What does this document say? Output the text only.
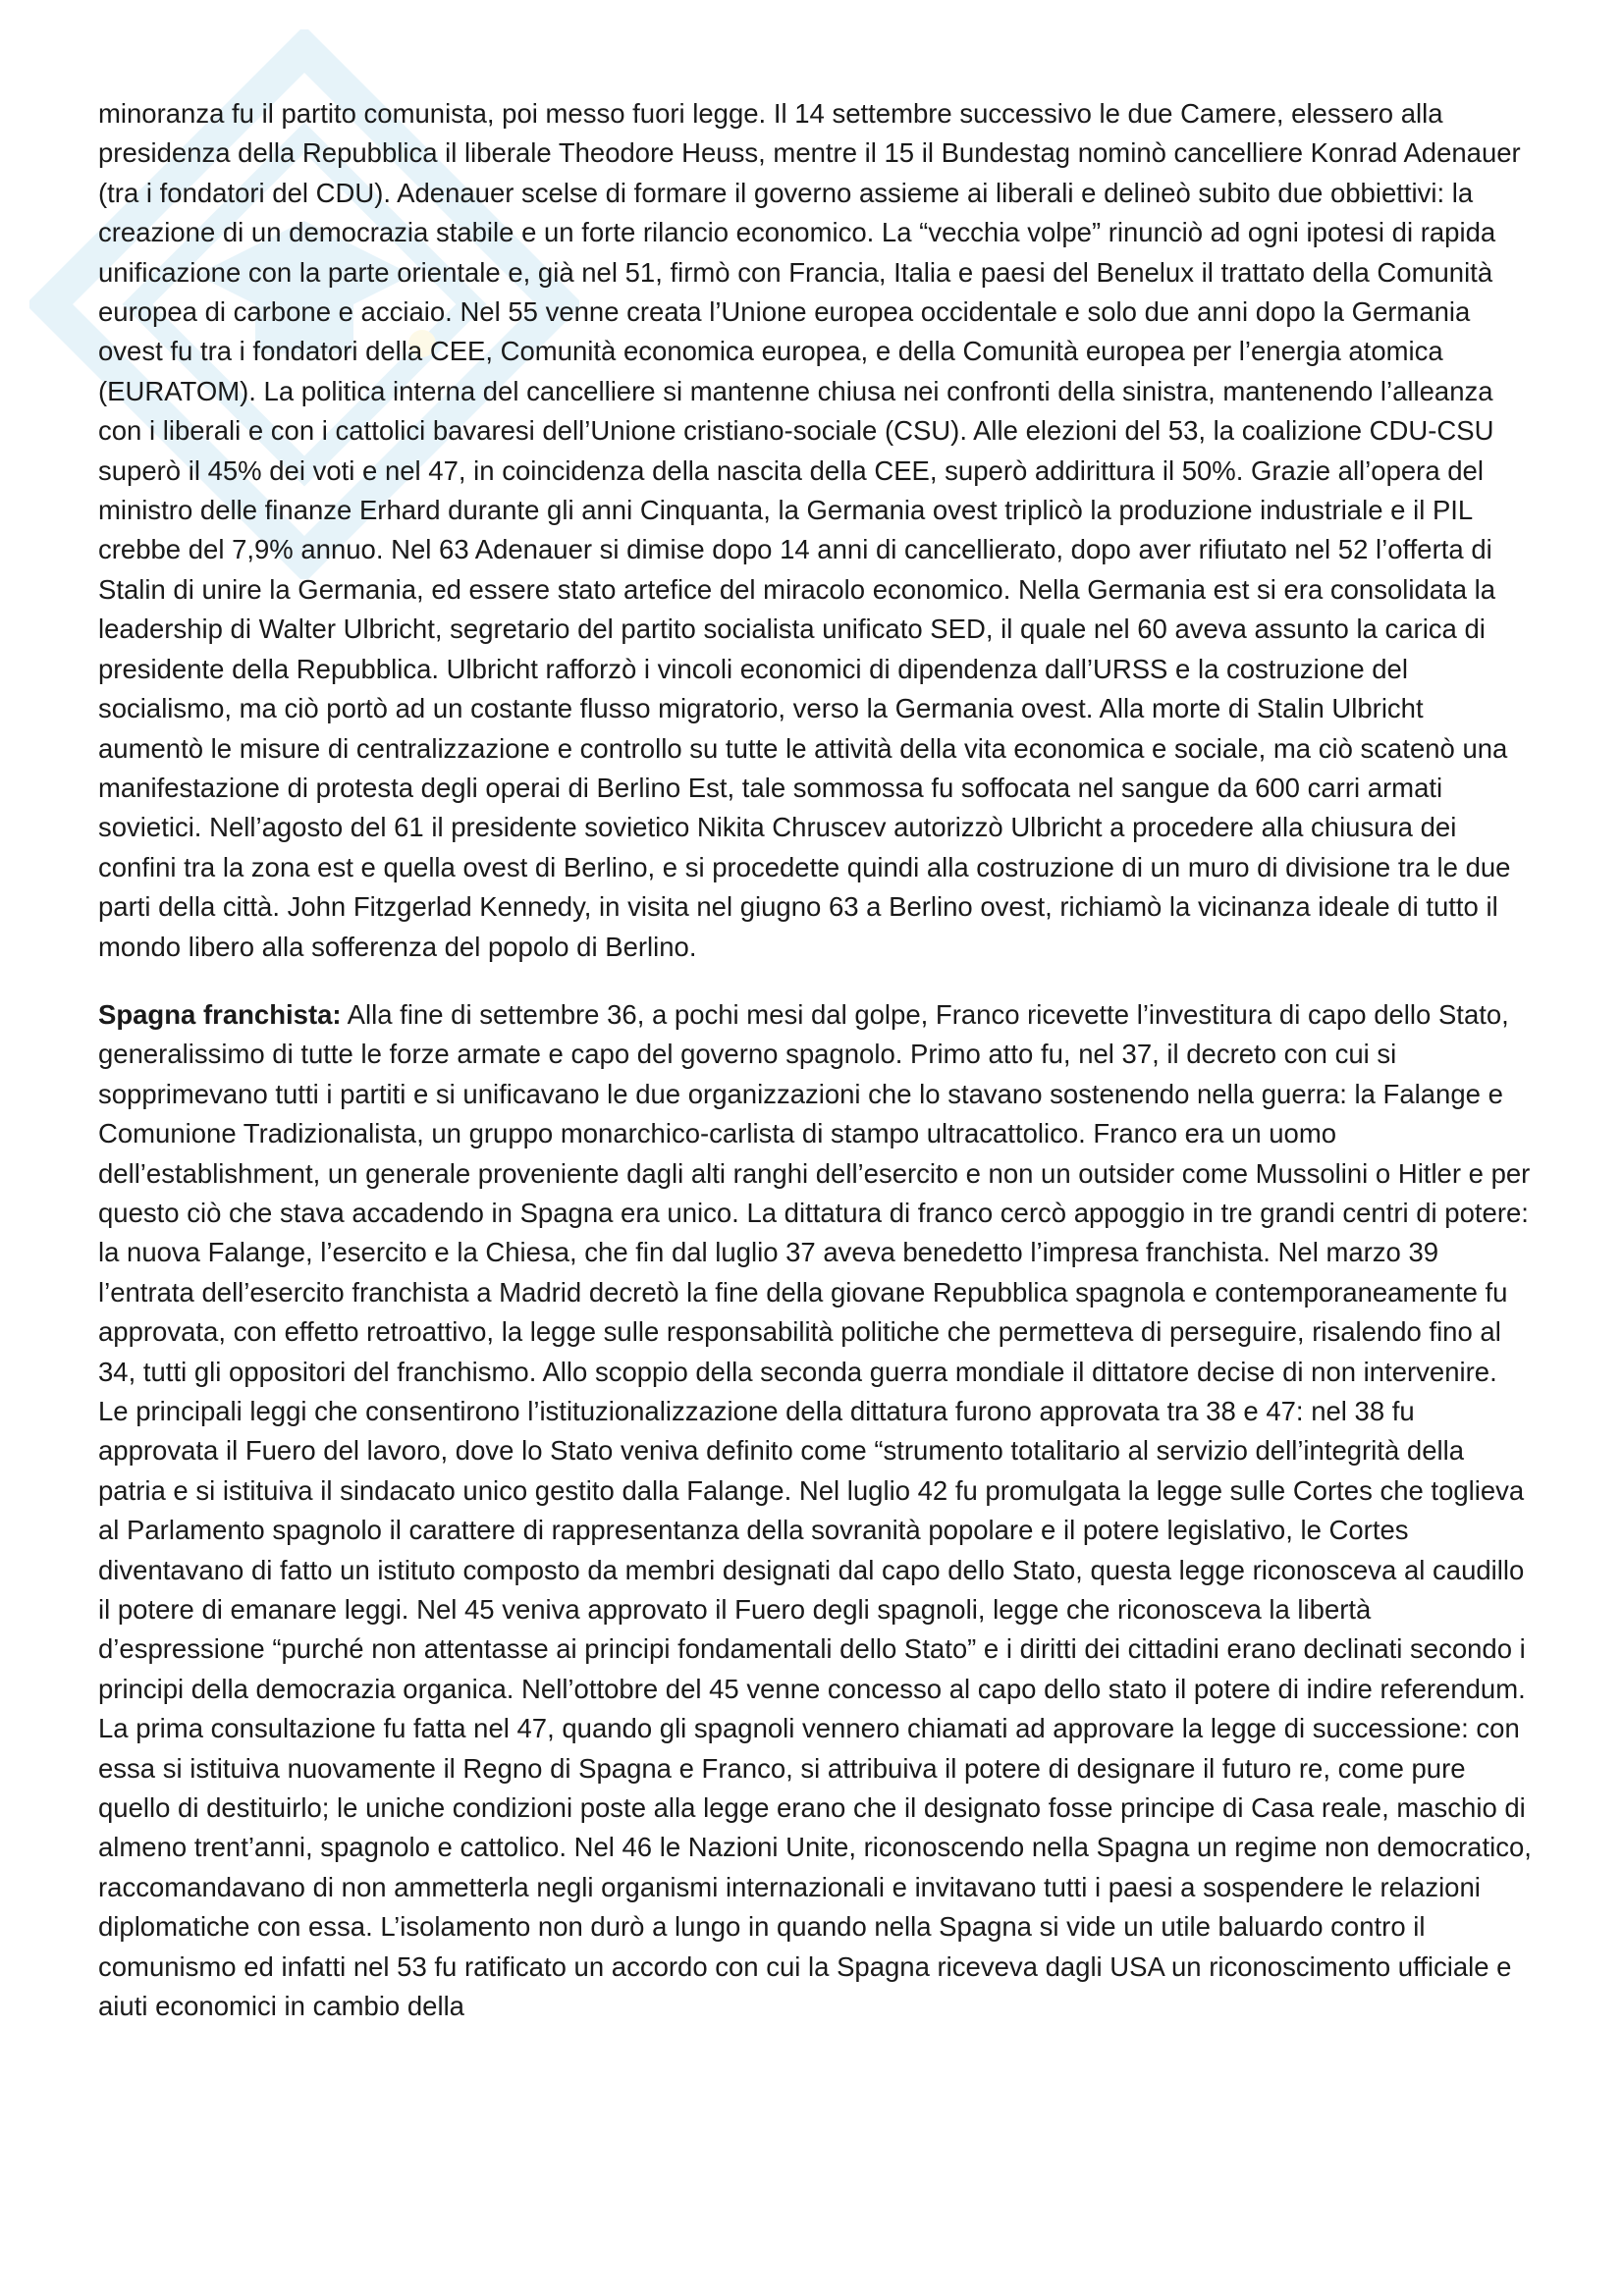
minoranza fu il partito comunista, poi messo fuori legge. Il 14 settembre successivo le due Camere, elessero alla presidenza della Repubblica il liberale Theodore Heuss, mentre il 15 il Bundestag nominò cancelliere Konrad Adenauer (tra i fondatori del CDU). Adenauer scelse di formare il governo assieme ai liberali e delineò subito due obbiettivi: la creazione di un democrazia stabile e un forte rilancio economico. La “vecchia volpe” rinunciò ad ogni ipotesi di rapida unificazione con la parte orientale e, già nel 51, firmò con Francia, Italia e paesi del Benelux il trattato della Comunità europea di carbone e acciaio. Nel 55 venne creata l’Unione europea occidentale e solo due anni dopo la Germania ovest fu tra i fondatori della CEE, Comunità economica europea, e della Comunità europea per l’energia atomica (EURATOM). La politica interna del cancelliere si mantenne chiusa nei confronti della sinistra, mantenendo l’alleanza con i liberali e con i cattolici bavaresi dell’Unione cristiano-sociale (CSU). Alle elezioni del 53, la coalizione CDU-CSU superò il 45% dei voti e nel 47, in coincidenza della nascita della CEE, superò addirittura il 50%. Grazie all’opera del ministro delle finanze Erhard durante gli anni Cinquanta, la Germania ovest triplicò la produzione industriale e il PIL crebbe del 7,9% annuo. Nel 63 Adenauer si dimise dopo 14 anni di cancellierato, dopo aver rifiutato nel 52 l’offerta di Stalin di unire la Germania, ed essere stato artefice del miracolo economico. Nella Germania est si era consolidata la leadership di Walter Ulbricht, segretario del partito socialista unificato SED, il quale nel 60 aveva assunto la carica di presidente della Repubblica. Ulbricht rafforzò i vincoli economici di dipendenza dall’URSS e la costruzione del socialismo, ma ciò portò ad un costante flusso migratorio, verso la Germania ovest. Alla morte di Stalin Ulbricht aumentò le misure di centralizzazione e controllo su tutte le attività della vita economica e sociale, ma ciò scatenò una manifestazione di protesta degli operai di Berlino Est, tale sommossa fu soffocata nel sangue da 600 carri armati sovietici. Nell’agosto del 61 il presidente sovietico Nikita Chruscev autorizzò Ulbricht a procedere alla chiusura dei confini tra la zona est e quella ovest di Berlino, e si procedette quindi alla costruzione di un muro di divisione tra le due parti della città. John Fitzgerlad Kennedy, in visita nel giugno 63 a Berlino ovest, richiamò la vicinanza ideale di tutto il mondo libero alla sofferenza del popolo di Berlino.

Spagna franchista: Alla fine di settembre 36, a pochi mesi dal golpe, Franco ricevette l’investitura di capo dello Stato, generalissimo di tutte le forze armate e capo del governo spagnolo. Primo atto fu, nel 37, il decreto con cui si sopprimevano tutti i partiti e si unificavano le due organizzazioni che lo stavano sostenendo nella guerra: la Falange e Comunione Tradizionalista, un gruppo monarchico-carlista di stampo ultracattolico. Franco era un uomo dell’establishment, un generale proveniente dagli alti ranghi dell’esercito e non un outsider come Mussolini o Hitler e per questo ciò che stava accadendo in Spagna era unico. La dittatura di franco cercò appoggio in tre grandi centri di potere: la nuova Falange, l’esercito e la Chiesa, che fin dal luglio 37 aveva benedetto l’impresa franchista. Nel marzo 39 l’entrata dell’esercito franchista a Madrid decretò la fine della giovane Repubblica spagnola e contemporaneamente fu approvata, con effetto retroattivo, la legge sulle responsabilità politiche che permetteva di perseguire, risalendo fino al 34, tutti gli oppositori del franchismo. Allo scoppio della seconda guerra mondiale il dittatore decise di non intervenire. Le principali leggi che consentirono l’istituzionalizzazione della dittatura furono approvata tra 38 e 47: nel 38 fu approvata il Fuero del lavoro, dove lo Stato veniva definito come “strumento totalitario al servizio dell’integrità della patria e si istituiva il sindacato unico gestito dalla Falange. Nel luglio 42 fu promulgata la legge sulle Cortes che toglieva al Parlamento spagnolo il carattere di rappresentanza della sovranità popolare e il potere legislativo, le Cortes diventavano di fatto un istituto composto da membri designati dal capo dello Stato, questa legge riconosceva al caudillo il potere di emanare leggi. Nel 45 veniva approvato il Fuero degli spagnoli, legge che riconosceva la libertà d’espressione “purché non attentasse ai principi fondamentali dello Stato” e i diritti dei cittadini erano declinati secondo i principi della democrazia organica. Nell’ottobre del 45 venne concesso al capo dello stato il potere di indire referendum. La prima consultazione fu fatta nel 47, quando gli spagnoli vennero chiamati ad approvare la legge di successione: con essa si istituiva nuovamente il Regno di Spagna e Franco, si attribuiva il potere di designare il futuro re, come pure quello di destituirlo; le uniche condizioni poste alla legge erano che il designato fosse principe di Casa reale, maschio di almeno trent’anni, spagnolo e cattolico. Nel 46 le Nazioni Unite, riconoscendo nella Spagna un regime non democratico, raccomandavano di non ammetterla negli organismi internazionali e invitavano tutti i paesi a sospendere le relazioni diplomatiche con essa. L’isolamento non durò a lungo in quando nella Spagna si vide un utile baluardo contro il comunismo ed infatti nel 53 fu ratificato un accordo con cui la Spagna riceveva dagli USA un riconoscimento ufficiale e aiuti economici in cambio della
